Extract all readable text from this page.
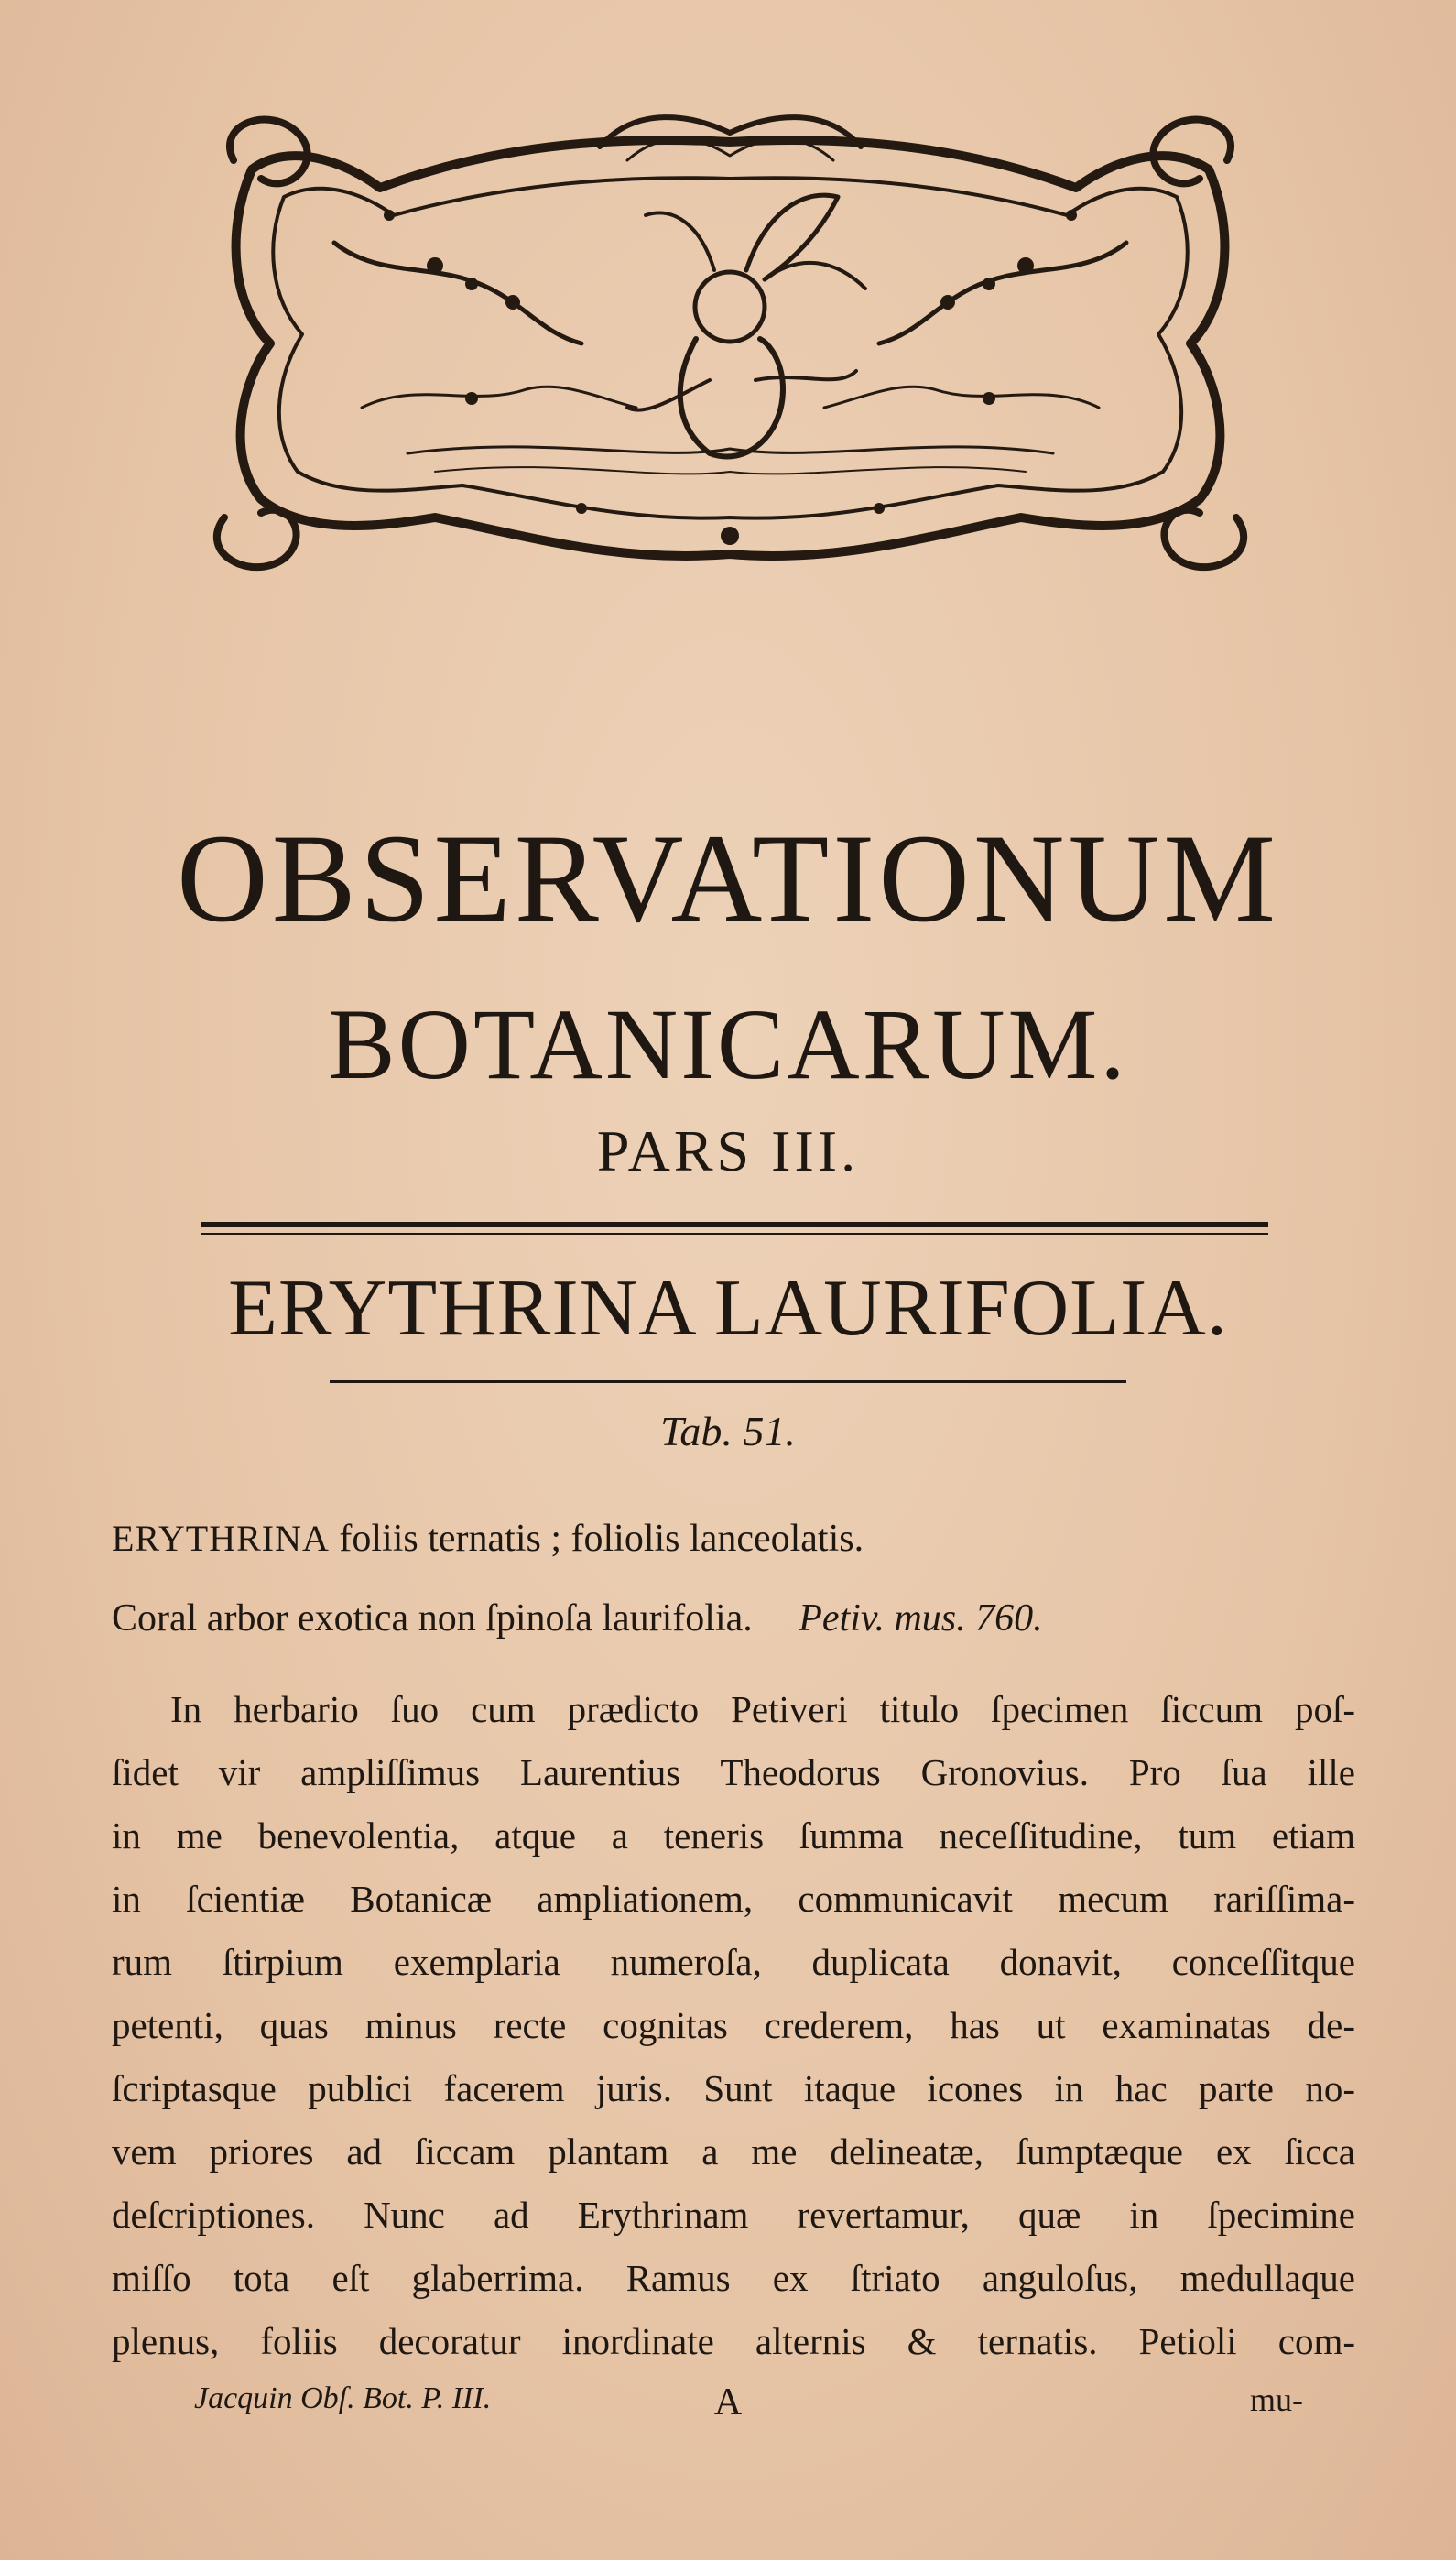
OBSERVATIONUM
BOTANICARUM.
PARS III.
ERYTHRINA LAURIFOLIA.
Tab. 51.
ERYTHRINA foliis ternatis ; foliolis lanceolatis.
Coral arbor exotica non ſpinoſa laurifolia. Petiv. mus. 760.
In herbario ſuo cum prædicto Petiveri titulo ſpecimen ſiccum poſ-
ſidet vir ampliſſimus Laurentius Theodorus Gronovius. Pro ſua ille
in me benevolentia, atque a teneris ſumma neceſſitudine, tum etiam
in ſcientiæ Botanicæ ampliationem, communicavit mecum rariſſima-
rum ſtirpium exemplaria numeroſa, duplicata donavit, conceſſitque
petenti, quas minus recte cognitas crederem, has ut examinatas de-
ſcriptasque publici facerem juris. Sunt itaque icones in hac parte no-
vem priores ad ſiccam plantam a me delineatæ, ſumptæque ex ſicca
deſcriptiones. Nunc ad Erythrinam revertamur, quæ in ſpecimine
miſſo tota eſt glaberrima. Ramus ex ſtriato anguloſus, medullaque
plenus, foliis decoratur inordinate alternis & ternatis. Petioli com-
Jacquin Obſ. Bot. P. III.	A	mu-
